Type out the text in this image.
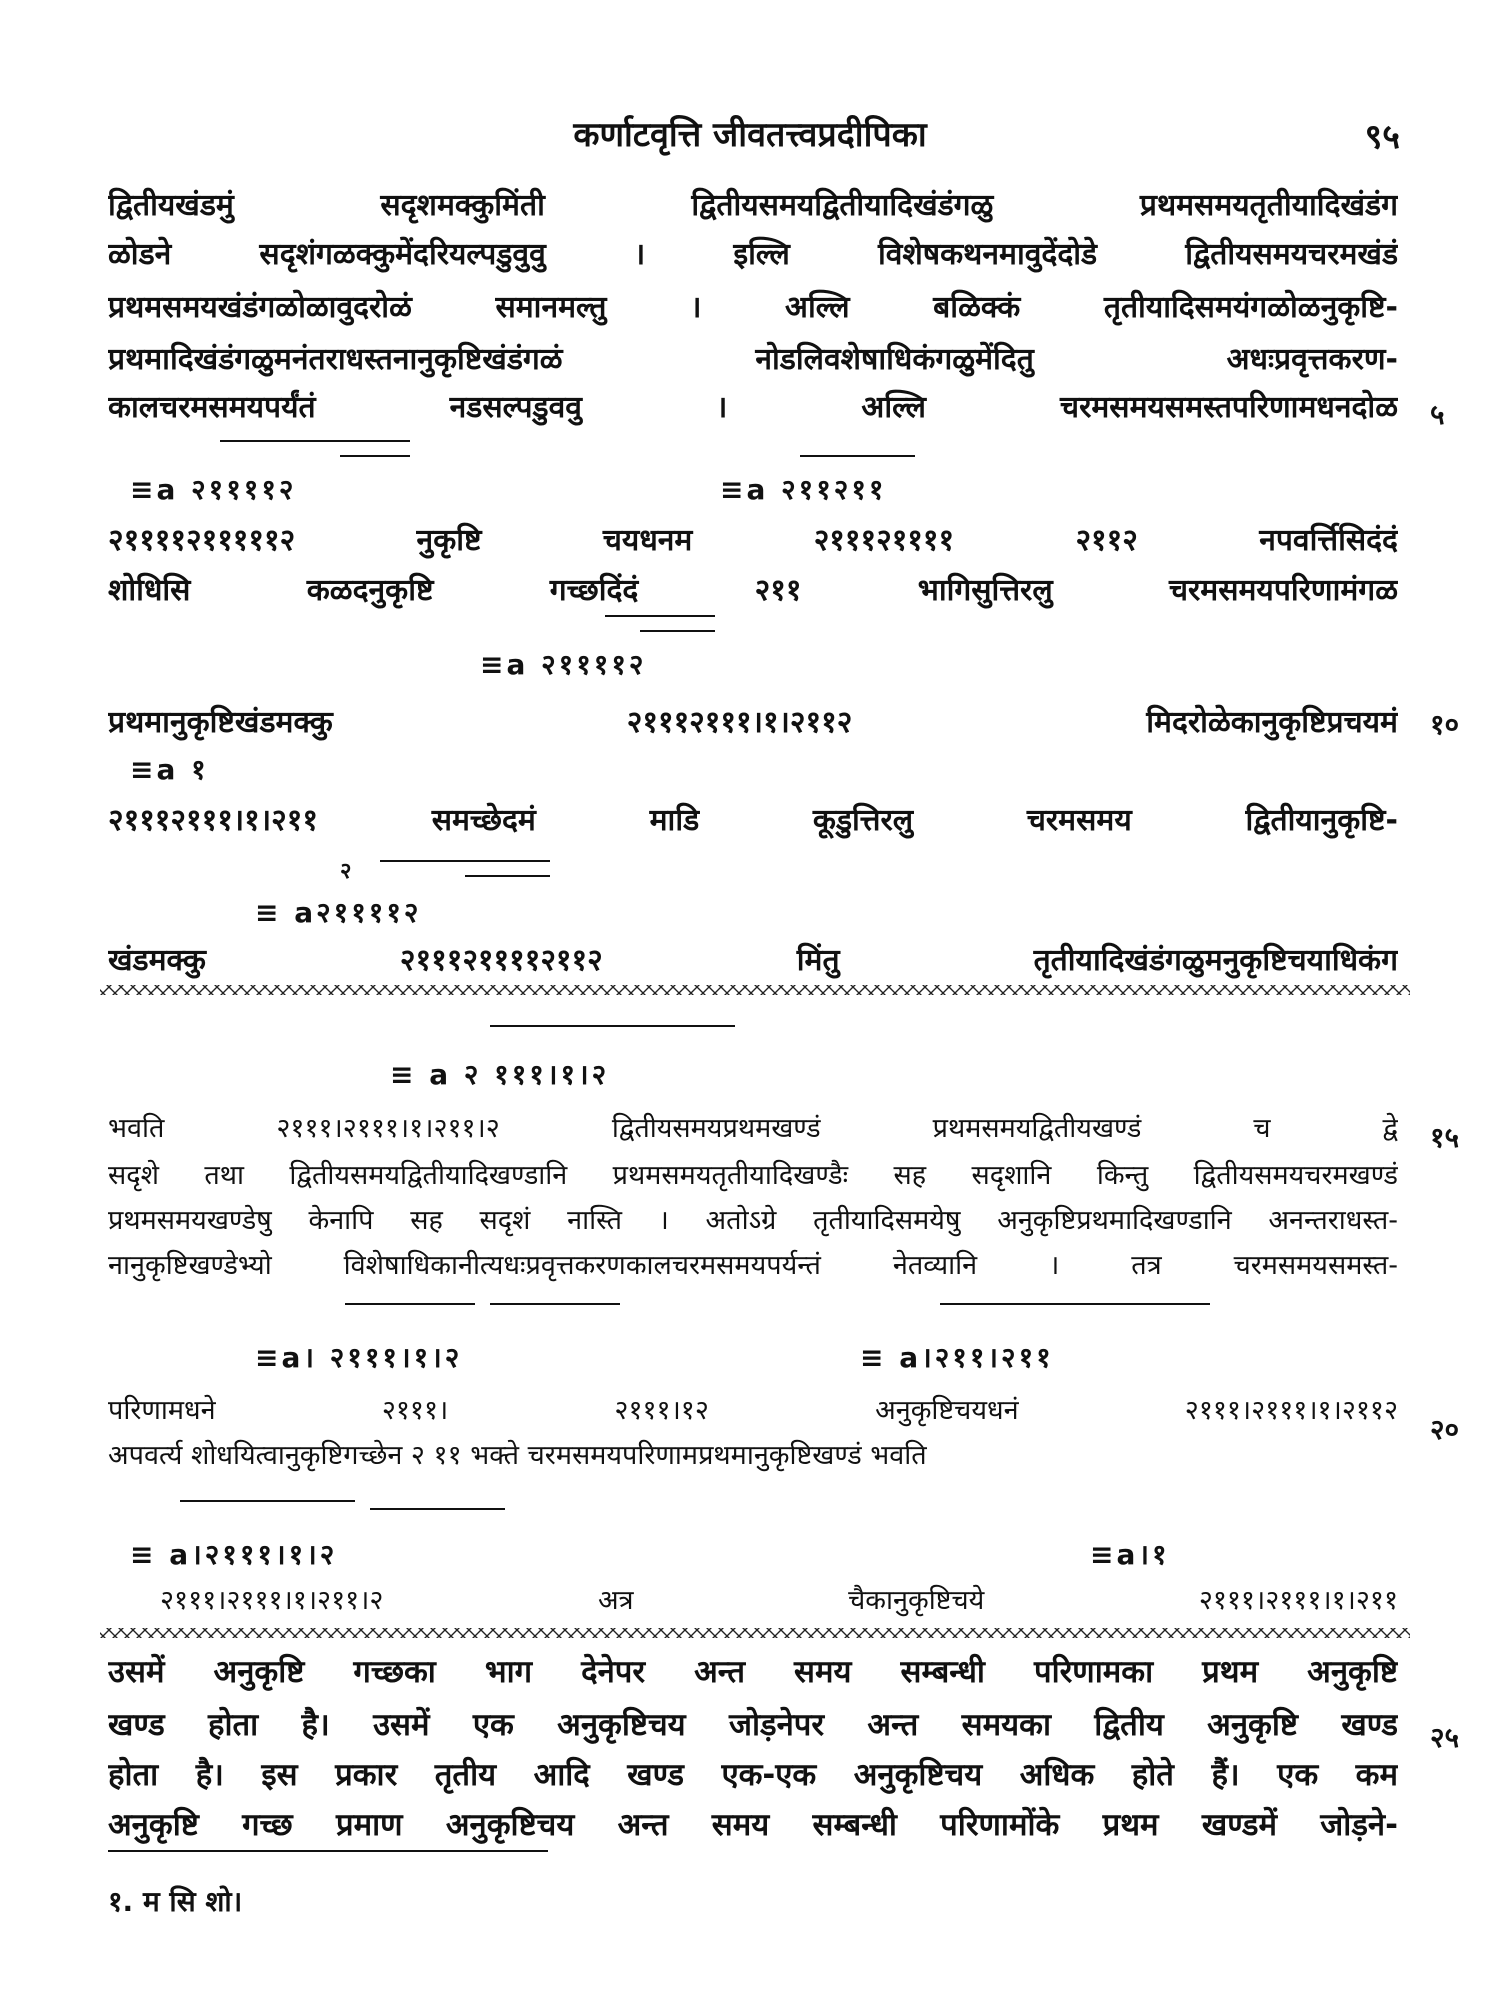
कर्णाटवृत्ति जीवतत्त्वप्रदीपिका	९५
द्वितीयखंडमुं सदृशमक्कुमिंती द्वितीयसमयद्वितीयादिखंडंगळु प्रथमसमयतृतीयादिखंडंग
ळोडने सदृशंगळक्कुमेंदरियल्पडुवुवु । इल्लि विशेषकथनमावुदेंदोडे द्वितीयसमयचरमखंडं
प्रथमसमयखंडंगळोळावुदरोळं समानमल्तु । अल्लि बळिक्कं तृतीयादिसमयंगळोळनुकृष्टि-
प्रथमादिखंडंगळुमनंतराधस्तनानुकृष्टिखंडंगळं नोडलिवशेषाधिकंगळुमेंदितु अधःप्रवृत्तकरण-
कालचरमसमयपर्यंतं नडसल्पडुववु । अल्लि चरमसमयसमस्तपरिणामधनदोळ ५
≡a २११११२	≡a २११२११
२११११२१११११२ नुकृष्टि चयधनम २१११२११११ २११२ नपवर्त्तिसिदंदं
शोधिसि कळदनुकृष्टि गच्छदिंदं २११ भागिसुत्तिरलु चरमसमयपरिणामंगळ
≡a २११११२
प्रथमानुकृष्टिखंडमक्कु २१११२१११।१।२११२ मिदरोळेकानुकृष्टिप्रचयमं १०
≡a १
२१११२१११।१।२११ समच्छेदमं माडि कूडुत्तिरलु चरमसमय द्वितीयानुकृष्टि-
२
≡ a२११११२
खंडमक्कु २१११२११११२११२ मिंतु तृतीयादिखंडंगळुमनुकृष्टिचयाधिकंग
≡ a २ १११।१।२
भवति २१११।२१११।१।२११।२ द्वितीयसमयप्रथमखण्डं प्रथमसमयद्वितीयखण्डं च द्वे १५
सदृशे तथा द्वितीयसमयद्वितीयादिखण्डानि प्रथमसमयतृतीयादिखण्डैः सह सदृशानि किन्तु द्वितीयसमयचरमखण्डं
प्रथमसमयखण्डेषु केनापि सह सदृशं नास्ति । अतोऽग्रे तृतीयादिसमयेषु अनुकृष्टिप्रथमादिखण्डानि अनन्तराधस्त-
नानुकृष्टिखण्डेभ्यो विशेषाधिकानीत्यधःप्रवृत्तकरणकालचरमसमयपर्यन्तं नेतव्यानि । तत्र चरमसमयसमस्त-
≡a। २१११।१।२	≡ a।२११।२११
परिणामधने २१११। २१११।१२ अनुकृष्टिचयधनं २१११।२१११।१।२११२
२०
अपवर्त्य शोधयित्वानुकृष्टिगच्छेन २ ११ भक्ते चरमसमयपरिणामप्रथमानुकृष्टिखण्डं भवति
≡ a।२१११।१।२	≡a।१
२१११।२१११।१।२११।२ अत्र चैकानुकृष्टिचये २१११।२१११।१।२११
उसमें अनुकृष्टि गच्छका भाग देनेपर अन्त समय सम्बन्धी परिणामका प्रथम अनुकृष्टि
खण्ड होता है। उसमें एक अनुकृष्टिचय जोड़नेपर अन्त समयका द्वितीय अनुकृष्टि खण्ड २५
होता है। इस प्रकार तृतीय आदि खण्ड एक-एक अनुकृष्टिचय अधिक होते हैं। एक कम
अनुकृष्टि गच्छ प्रमाण अनुकृष्टिचय अन्त समय सम्बन्धी परिणामोंके प्रथम खण्डमें जोड़ने-
१. म सि शो।
